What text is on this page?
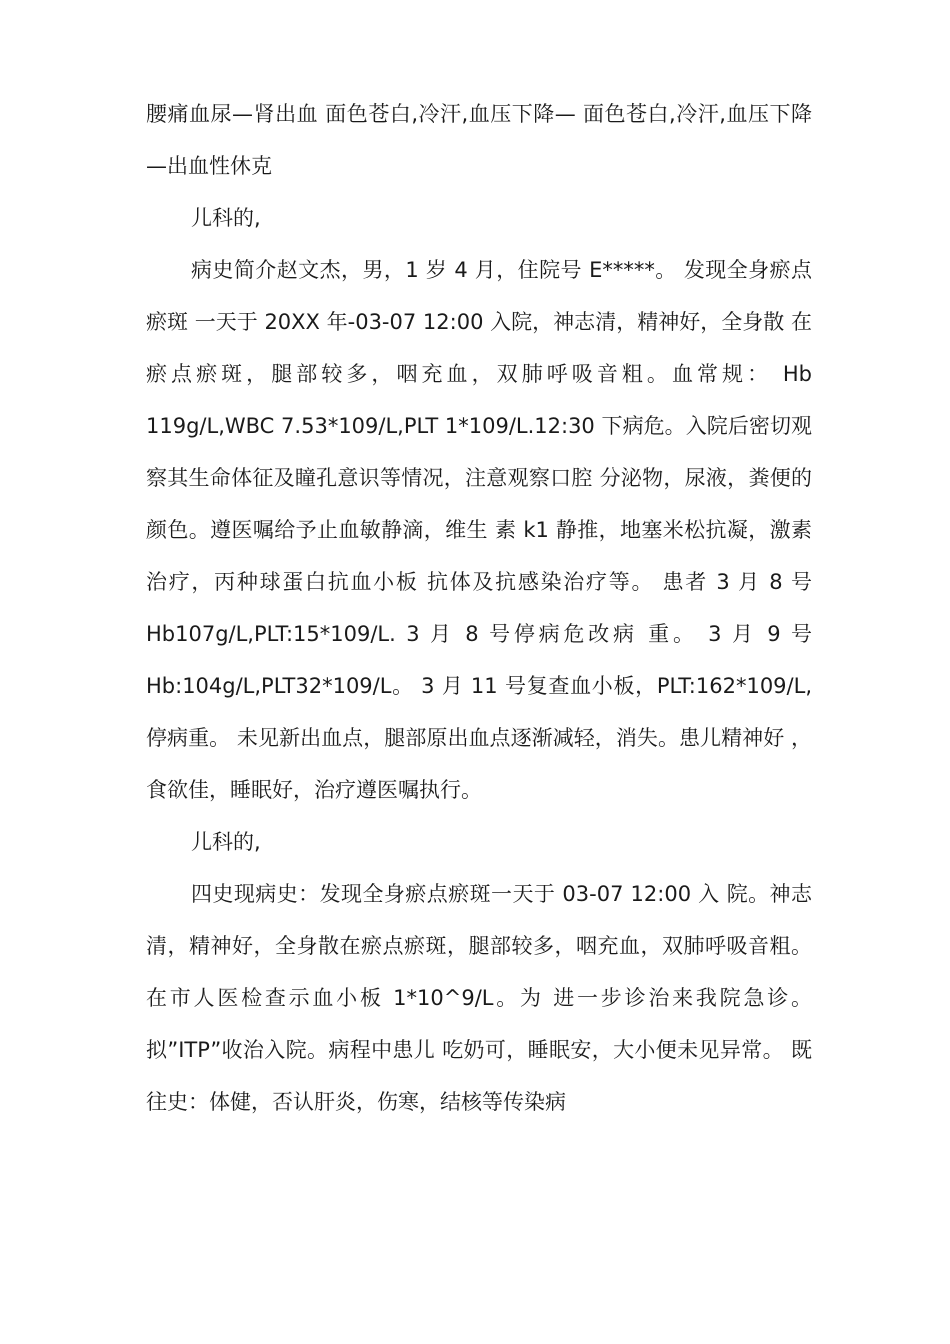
腰痛血尿—肾出血 面色苍白,冷汗,血压下降— 面色苍白,冷汗,血压下降—出血性休克

儿科的,

病史简介赵文杰，男，1 岁 4 月，住院号 E*****。 发现全身瘀点瘀斑 一天于 20XX 年-03-07 12:00 入院，神志清，精神好，全身散 在瘀点瘀斑，腿部较多，咽充血，双肺呼吸音粗。血常规： Hb 119g/L,WBC 7.53*109/L,PLT 1*109/L.12:30 下病危。入院后密切观察其生命体征及瞳孔意识等情况，注意观察口腔 分泌物，尿液，粪便的颜色。遵医嘱给予止血敏静滴，维生 素 k1 静推，地塞米松抗凝，激素治疗，丙种球蛋白抗血小板 抗体及抗感染治疗等。 患者 3 月 8 号 Hb107g/L,PLT:15*109/L. 3 月 8 号停病危改病 重。 3 月 9 号 Hb:104g/L,PLT32*109/L。 3 月 11 号复查血小板，PLT:162*109/L,停病重。 未见新出血点，腿部原出血点逐渐减轻，消失。患儿精神好 ，食欲佳，睡眠好，治疗遵医嘱执行。

儿科的,

四史现病史：发现全身瘀点瘀斑一天于 03-07 12:00 入 院。神志清，精神好，全身散在瘀点瘀斑，腿部较多，咽充血，双肺呼吸音粗。在市人医检查示血小板 1*10^9/L。为 进一步诊治来我院急诊。拟”ITP”收治入院。病程中患儿 吃奶可，睡眠安，大小便未见异常。 既往史：体健，否认肝炎，伤寒，结核等传染病
